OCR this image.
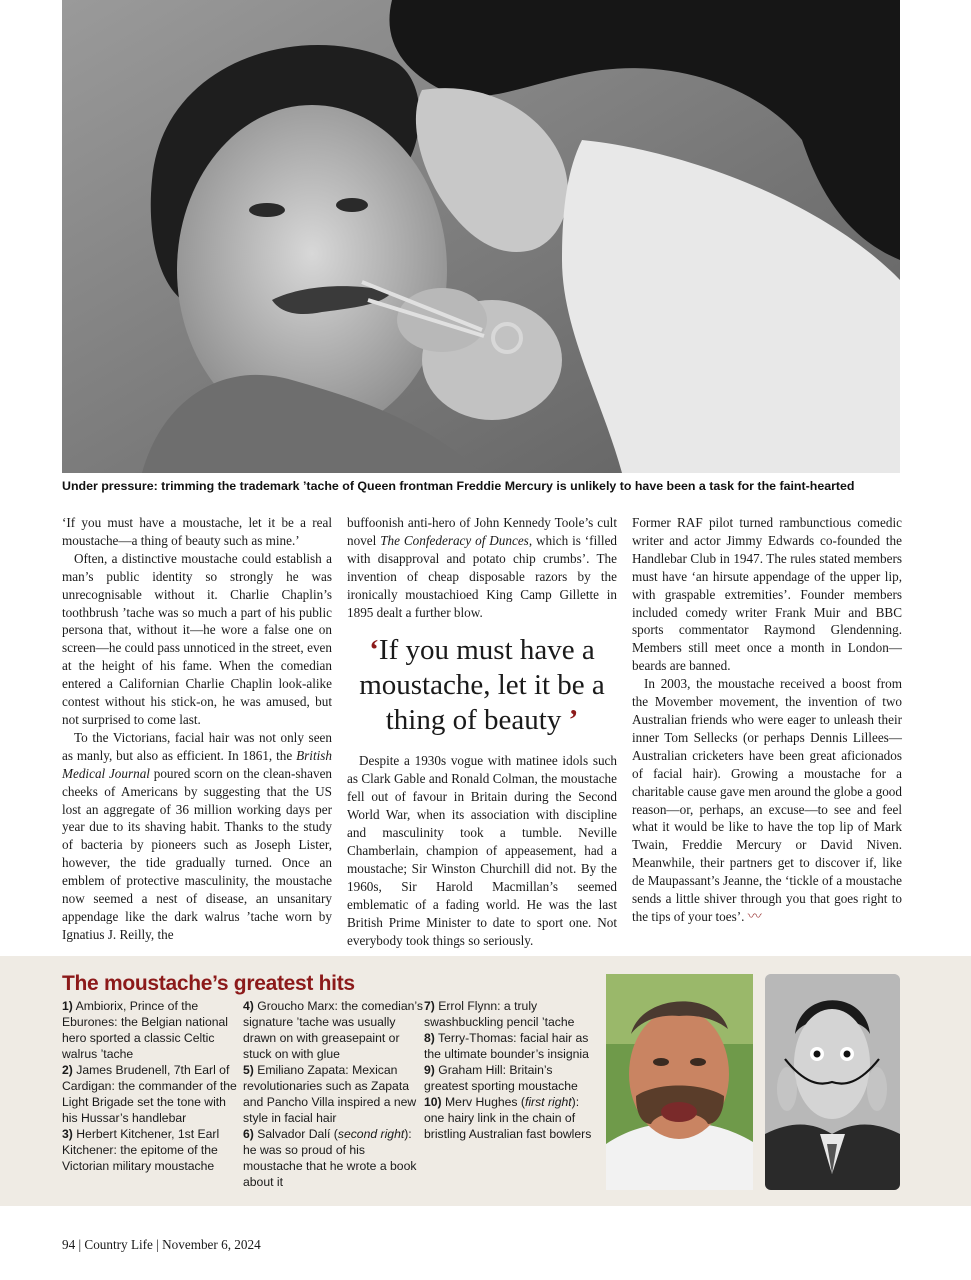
Under pressure: trimming the trademark ’tache of Queen frontman Freddie Mercury is unlikely to have been a task for the faint-hearted

‘If you must have a moustache, let it be a real moustache—a thing of beauty such as mine.’

Often, a distinctive moustache could establish a man’s public identity so strongly he was unrecognisable without it. Charlie Chaplin’s toothbrush ’tache was so much a part of his public persona that, without it—he wore a false one on screen—he could pass unnoticed in the street, even at the height of his fame. When the comedian entered a Californian Charlie Chaplin look-alike contest without his stick-on, he was amused, but not surprised to come last.

To the Victorians, facial hair was not only seen as manly, but also as efficient. In 1861, the British Medical Journal poured scorn on the clean-shaven cheeks of Americans by suggesting that the US lost an aggregate of 36 million working days per year due to its shaving habit. Thanks to the study of bacteria by pioneers such as Joseph Lister, however, the tide gradually turned. Once an emblem of protective masculinity, the moustache now seemed a nest of disease, an unsanitary appendage like the dark walrus ’tache worn by Ignatius J. Reilly, the

buffoonish anti-hero of John Kennedy Toole’s cult novel The Confederacy of Dunces, which is ‘filled with disapproval and potato chip crumbs’. The invention of cheap disposable razors by the ironically moustachioed King Camp Gillette in 1895 dealt a further blow.

‘If you must have a moustache, let it be a thing of beauty ’

Despite a 1930s vogue with matinee idols such as Clark Gable and Ronald Colman, the moustache fell out of favour in Britain during the Second World War, when its association with discipline and masculinity took a tumble. Neville Chamberlain, champion of appeasement, had a moustache; Sir Winston Churchill did not. By the 1960s, Sir Harold Macmillan’s seemed emblematic of a fading world. He was the last British Prime Minister to date to sport one. Not everybody took things so seriously.

Former RAF pilot turned rambunctious comedic writer and actor Jimmy Edwards co-founded the Handlebar Club in 1947. The rules stated members must have ‘an hirsute appendage of the upper lip, with graspable extremities’. Founder members included comedy writer Frank Muir and BBC sports commentator Raymond Glendenning. Members still meet once a month in London—beards are banned.

In 2003, the moustache received a boost from the Movember movement, the invention of two Australian friends who were eager to unleash their inner Tom Sellecks (or perhaps Dennis Lillees—Australian cricketers have been great aficionados of facial hair). Growing a moustache for a charitable cause gave men around the globe a good reason—or, perhaps, an excuse—to see and feel what it would be like to have the top lip of Mark Twain, Freddie Mercury or David Niven. Meanwhile, their partners get to discover if, like de Maupassant’s Jeanne, the ‘tickle of a moustache sends a little shiver through you that goes right to the tips of your toes’. 〰

The moustache’s greatest hits

1) Ambiorix, Prince of the Eburones: the Belgian national hero sported a classic Celtic walrus ’tache

2) James Brudenell, 7th Earl of Cardigan: the commander of the Light Brigade set the tone with his Hussar’s handlebar

3) Herbert Kitchener, 1st Earl Kitchener: the epitome of the Victorian military moustache

4) Groucho Marx: the comedian’s signature ’tache was usually drawn on with greasepaint or stuck on with glue

5) Emiliano Zapata: Mexican revolutionaries such as Zapata and Pancho Villa inspired a new style in facial hair

6) Salvador Dalí (second right): he was so proud of his moustache that he wrote a book about it

7) Errol Flynn: a truly swashbuckling pencil ’tache

8) Terry-Thomas: facial hair as the ultimate bounder’s insignia

9) Graham Hill: Britain’s greatest sporting moustache

10) Merv Hughes (first right): one hairy link in the chain of bristling Australian fast bowlers

94 | Country Life | November 6, 2024
